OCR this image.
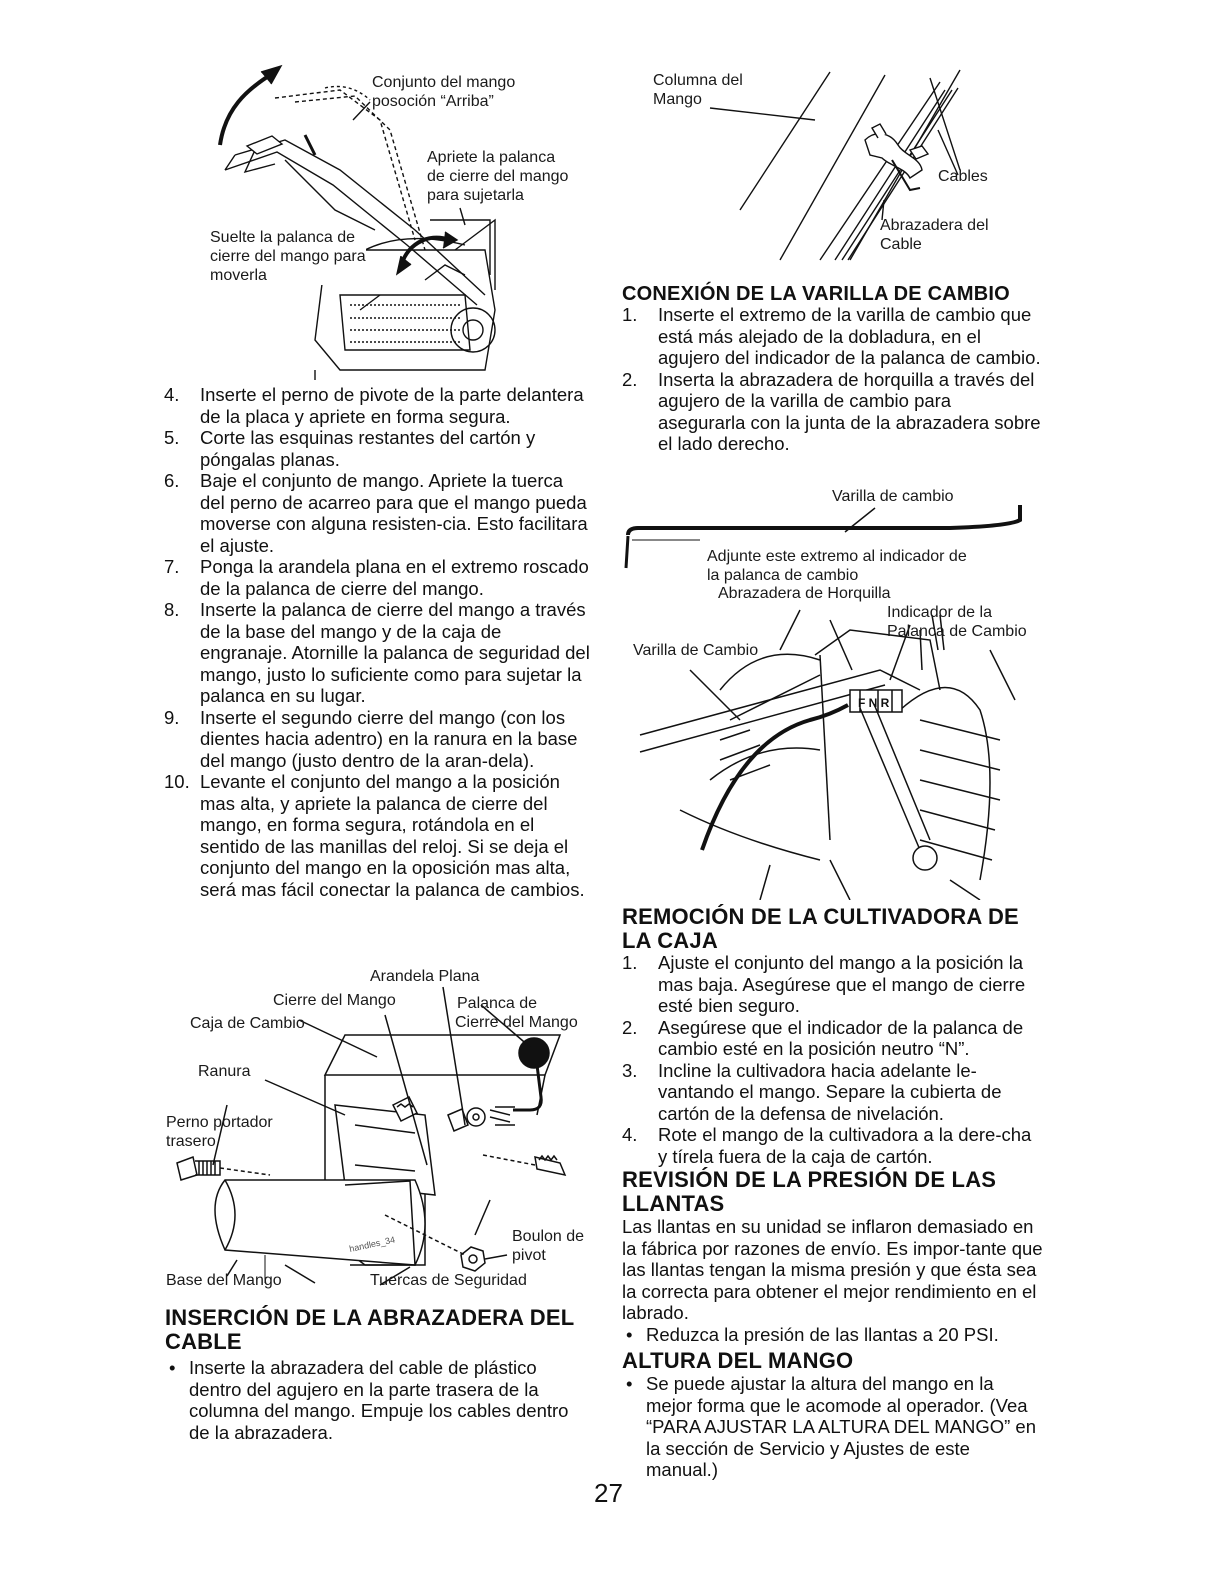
Conjunto del mango
posoción “Arriba”
Apriete la palanca
de cierre del mango
para sujetarla
Suelte la palanca de
cierre del mango para
moverla
4.	Inserte el perno de pivote de la parte delantera de la placa y apriete en forma segura.
5.	Corte las esquinas restantes del cartón y póngalas planas.
6.	Baje el conjunto de mango. Apriete la tuerca del perno de acarreo para que el mango pueda moverse con alguna resisten-cia. Esto facilitara el ajuste.
7.	Ponga la arandela plana en el extremo roscado de la palanca de cierre del mango.
8.	Inserte la palanca de cierre del mango a través de la base del mango y de la caja de engranaje. Atornille la palanca de seguridad del mango, justo lo suficiente como para sujetar la palanca en su lugar.
9.	Inserte el segundo cierre del mango (con los dientes hacia adentro) en la ranura en la base del mango (justo dentro de la aran-dela).
10. Levante el conjunto del mango a la posición mas alta, y apriete la palanca de cierre del mango, en forma segura, rotándola en el sentido de las manillas del reloj. Si se deja el conjunto del mango en la oposición mas alta, será mas fácil conectar la palanca de cambios.
handles_34
Arandela Plana
Cierre del Mango	Palanca de
Cierre del Mango
Caja de Cambio
Ranura
Perno portador
trasero
Boulon de
pivot
Base del Mango	Tuercas de Seguridad
INSERCIÓN DE LA ABRAZADERA DEL
CABLE
• Inserte la abrazadera del cable de plástico dentro del agujero en la parte trasera de la columna del mango. Empuje los cables dentro de la abrazadera.
Columna del
Mango
Cables
Abrazadera del
Cable
CONEXIÓN DE LA VARILLA DE CAMBIO
1.	Inserte el extremo de la varilla de cambio que está más alejado de la dobladura, en el agujero del indicador de la palanca de cambio.
2.	Inserta la abrazadera de horquilla a través del agujero de la varilla de cambio para asegurarla con la junta de la abrazadera sobre el lado derecho.
F N R
Varilla de cambio
Adjunte este extremo al indicador de
la palanca de cambio
Abrazadera de Horquilla
Indicador de la
Palanca de Cambio
Varilla de Cambio
REMOCIÓN DE LA CULTIVADORA DE
LA CAJA
1.	Ajuste el conjunto del mango a la posición la mas baja. Asegúrese que el mango de cierre esté bien seguro.
2.	Asegúrese que el indicador de la palanca de cambio esté en la posición neutro “N”.
3.	Incline la cultivadora hacia adelante le-vantando el mango. Separe la cubierta de cartón de la defensa de nivelación.
4.	Rote el mango de la cultivadora a la dere-cha y tírela fuera de la caja de cartón.
REVISIÓN DE LA PRESIÓN DE LAS
LLANTAS
Las llantas en su unidad se inflaron demasiado en la fábrica por razones de envío. Es impor-tante que las llantas tengan la misma presión y que ésta sea la correcta para obtener el mejor rendimiento en el labrado.
• Reduzca la presión de las llantas a 20 PSI.
ALTURA DEL MANGO
• Se puede ajustar la altura del mango en la mejor forma que le acomode al operador. (Vea “PARA AJUSTAR LA ALTURA DEL MANGO” en la sección de Servicio y Ajustes de este manual.)
27
